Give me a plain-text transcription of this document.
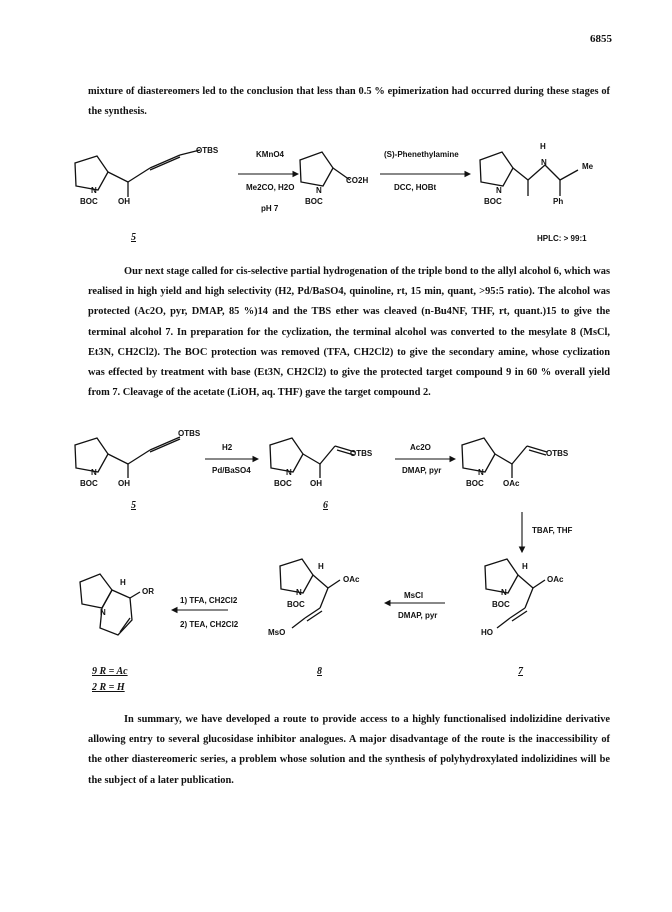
6855

mixture of diastereomers led to the conclusion that less than 0.5 % epimerization had occurred during these stages of the synthesis.

OTBS
N
BOC	OH
KMnO4
Me2CO, H2O
pH 7
N
BOC
CO2H
(S)-Phenethylamine
DCC, HOBt
H
N	Me
N
BOC	Ph
5	HPLC: > 99:1

Our next stage called for cis-selective partial hydrogenation of the triple bond to the allyl alcohol 6, which was realised in high yield and high selectivity (H2, Pd/BaSO4, quinoline, rt, 15 min, quant, >95:5 ratio). The alcohol was protected (Ac2O, pyr, DMAP, 85 %)14 and the TBS ether was cleaved (n-Bu4NF, THF, rt, quant.)15 to give the terminal alcohol 7. In preparation for the cyclization, the terminal alcohol was converted to the mesylate 8 (MsCl, Et3N, CH2Cl2). The BOC protection was removed (TFA, CH2Cl2) to give the secondary amine, whose cyclization was effected by treatment with base (Et3N, CH2Cl2) to give the protected target compound 9 in 60 % overall yield from 7. Cleavage of the acetate (LiOH, aq. THF) gave the target compound 2.

OTBS
N
BOC	OH
H2
Pd/BaSO4
OTBS
N
BOC OH
Ac2O
DMAP, pyr
OTBS
N
BOC OAc
5	6
TBAF, THF
H
OR
N
1) TFA, CH2Cl2
2) TEA, CH2Cl2
H
OAc
N
BOC
MsO
MsCl
DMAP, pyr
H
OAc
N
BOC
HO
9 R = Ac
2 R = H
8	7

In summary, we have developed a route to provide access to a highly functionalised indolizidine derivative allowing entry to several glucosidase inhibitor analogues. A major disadvantage of the route is the inaccessibility of the other diastereomeric series, a problem whose solution and the synthesis of polyhydroxylated indolizidines will be the subject of a later publication.
